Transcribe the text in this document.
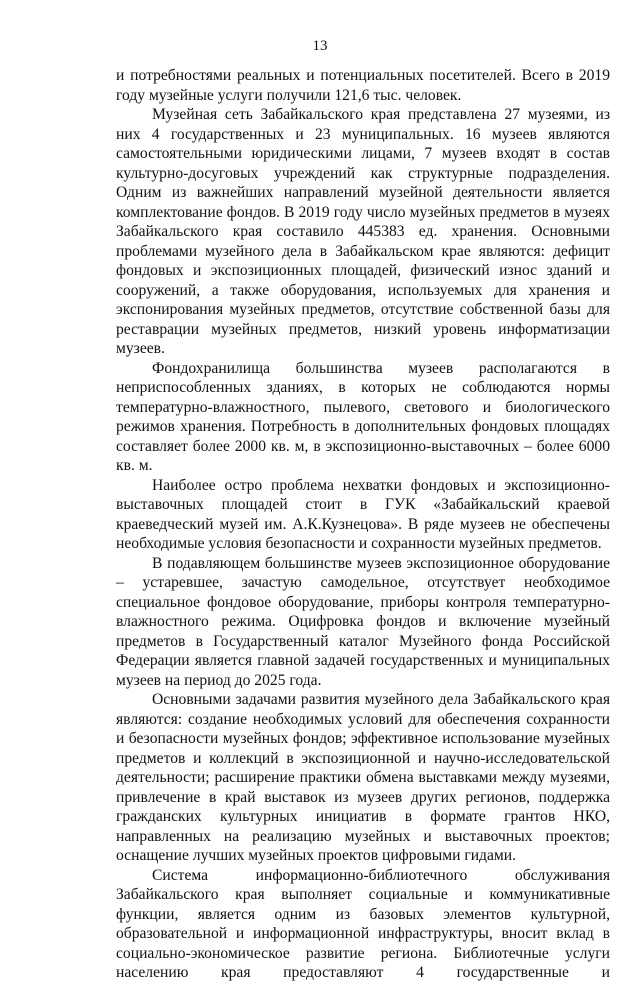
13

и потребностями реальных и потенциальных посетителей. Всего в 2019 году музейные услуги получили 121,6 тыс. человек.

Музейная сеть Забайкальского края представлена 27 музеями, из них 4 государственных и 23 муниципальных. 16 музеев являются самостоятельными юридическими лицами, 7 музеев входят в состав культурно-досуговых учреждений как структурные подразделения. Одним из важнейших направлений музейной деятельности является комплектование фондов. В 2019 году число музейных предметов в музеях Забайкальского края составило 445383 ед. хранения. Основными проблемами музейного дела в Забайкальском крае являются: дефицит фондовых и экспозиционных площадей, физический износ зданий и сооружений, а также оборудования, используемых для хранения и экспонирования музейных предметов, отсутствие собственной базы для реставрации музейных предметов, низкий уровень информатизации музеев.

Фондохранилища большинства музеев располагаются в неприспособленных зданиях, в которых не соблюдаются нормы температурно-влажностного, пылевого, светового и биологического режимов хранения. Потребность в дополнительных фондовых площадях составляет более 2000 кв. м, в экспозиционно-выставочных – более 6000 кв. м.

Наиболее остро проблема нехватки фондовых и экспозиционно-выставочных площадей стоит в ГУК «Забайкальский краевой краеведческий музей им. А.К.Кузнецова». В ряде музеев не обеспечены необходимые условия безопасности и сохранности музейных предметов.

В подавляющем большинстве музеев экспозиционное оборудование – устаревшее, зачастую самодельное, отсутствует необходимое специальное фондовое оборудование, приборы контроля температурно-влажностного режима. Оцифровка фондов и включение музейный предметов в Государственный каталог Музейного фонда Российской Федерации является главной задачей государственных и муниципальных музеев на период до 2025 года.

Основными задачами развития музейного дела Забайкальского края являются: создание необходимых условий для обеспечения сохранности и безопасности музейных фондов; эффективное использование музейных предметов и коллекций в экспозиционной и научно-исследовательской деятельности; расширение практики обмена выставками между музеями, привлечение в край выставок из музеев других регионов, поддержка гражданских культурных инициатив в формате грантов НКО, направленных на реализацию музейных и выставочных проектов; оснащение лучших музейных проектов цифровыми гидами.

Система информационно-библиотечного обслуживания Забайкальского края выполняет социальные и коммуникативные функции, является одним из базовых элементов культурной, образовательной и информационной инфраструктуры, вносит вклад в социально-экономическое развитие региона. Библиотечные услуги населению края предоставляют 4 государственные и
